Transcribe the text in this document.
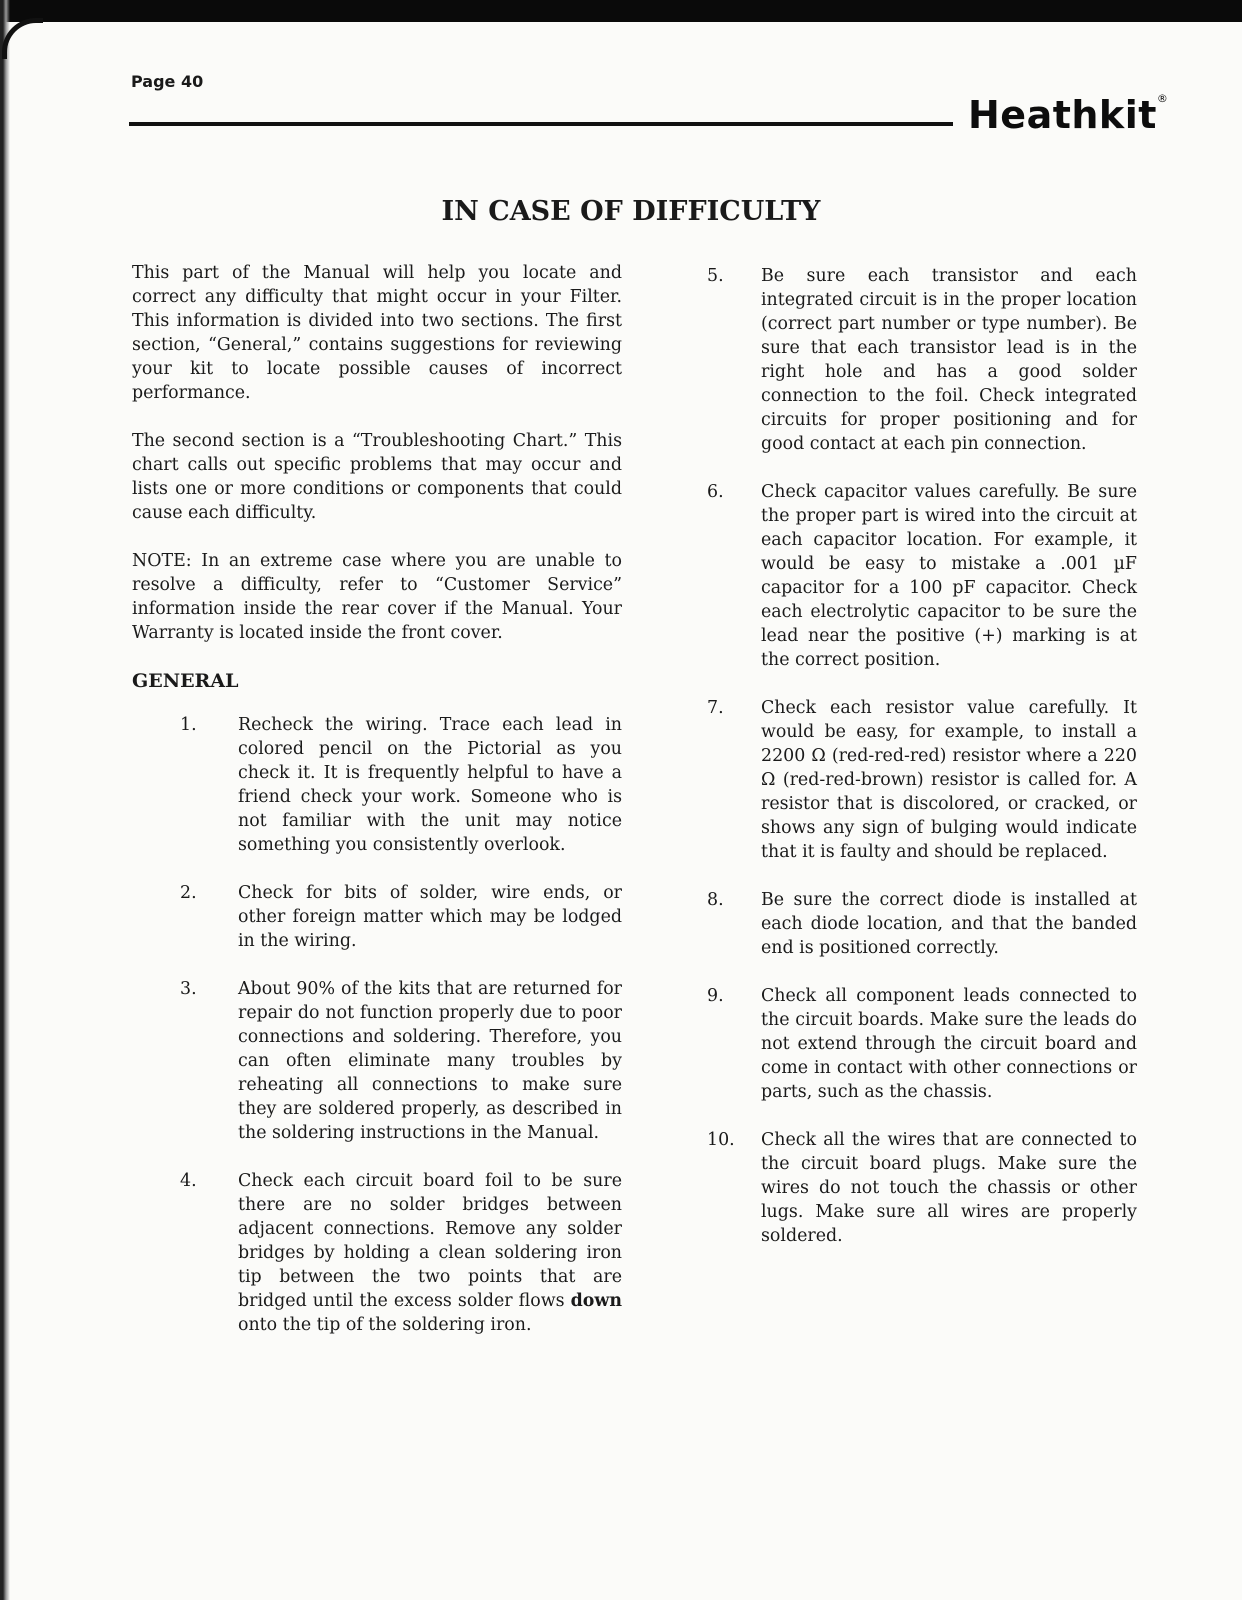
Page 40
Heathkit®
IN CASE OF DIFFICULTY

This part of the Manual will help you locate and correct any difficulty that might occur in your Filter. This information is divided into two sections. The first section, “General,” contains suggestions for reviewing your kit to locate possible causes of incorrect performance.

The second section is a “Troubleshooting Chart.” This chart calls out specific problems that may occur and lists one or more conditions or components that could cause each difficulty.

NOTE: In an extreme case where you are unable to resolve a difficulty, refer to “Customer Service” information inside the rear cover if the Manual. Your Warranty is located inside the front cover.

GENERAL
1. Recheck the wiring. Trace each lead in colored pencil on the Pictorial as you check it. It is frequently helpful to have a friend check your work. Someone who is not familiar with the unit may notice something you consistently overlook.
2. Check for bits of solder, wire ends, or other foreign matter which may be lodged in the wiring.
3. About 90% of the kits that are returned for repair do not function properly due to poor connections and soldering. Therefore, you can often eliminate many troubles by reheating all connections to make sure they are soldered properly, as described in the soldering instructions in the Manual.
4. Check each circuit board foil to be sure there are no solder bridges between adjacent connections. Remove any solder bridges by holding a clean soldering iron tip between the two points that are bridged until the excess solder flows down onto the tip of the soldering iron.
5. Be sure each transistor and each integrated circuit is in the proper location (correct part number or type number). Be sure that each transistor lead is in the right hole and has a good solder connection to the foil. Check integrated circuits for proper positioning and for good contact at each pin connection.
6. Check capacitor values carefully. Be sure the proper part is wired into the circuit at each capacitor location. For example, it would be easy to mistake a .001 µF capacitor for a 100 pF capacitor. Check each electrolytic capacitor to be sure the lead near the positive (+) marking is at the correct position.
7. Check each resistor value carefully. It would be easy, for example, to install a 2200 Ω (red-red-red) resistor where a 220 Ω (red-red-brown) resistor is called for. A resistor that is discolored, or cracked, or shows any sign of bulging would indicate that it is faulty and should be replaced.
8. Be sure the correct diode is installed at each diode location, and that the banded end is positioned correctly.
9. Check all component leads connected to the circuit boards. Make sure the leads do not extend through the circuit board and come in contact with other connections or parts, such as the chassis.
10. Check all the wires that are connected to the circuit board plugs. Make sure the wires do not touch the chassis or other lugs. Make sure all wires are properly soldered.
